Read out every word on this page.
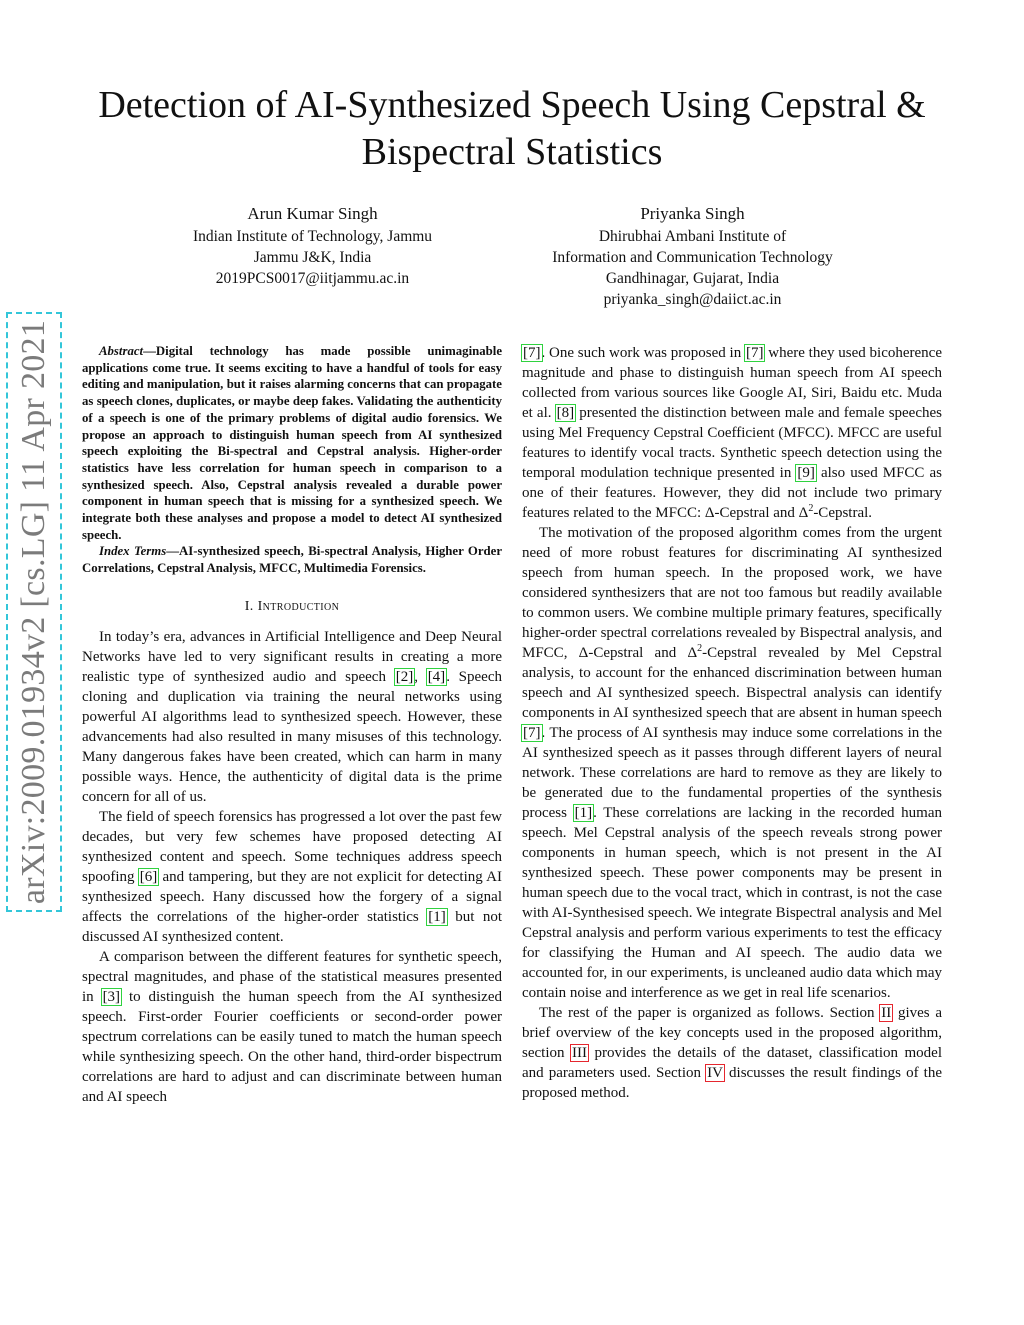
arXiv:2009.01934v2 [cs.LG] 11 Apr 2021
Detection of AI-Synthesized Speech Using Cepstral & Bispectral Statistics
Arun Kumar Singh
Indian Institute of Technology, Jammu
Jammu J&K, India
2019PCS0017@iitjammu.ac.in
Priyanka Singh
Dhirubhai Ambani Institute of
Information and Communication Technology
Gandhinagar, Gujarat, India
priyanka_singh@daiict.ac.in

Abstract—Digital technology has made possible unimaginable applications come true. It seems exciting to have a handful of tools for easy editing and manipulation, but it raises alarming concerns that can propagate as speech clones, duplicates, or maybe deep fakes. Validating the authenticity of a speech is one of the primary problems of digital audio forensics. We propose an approach to distinguish human speech from AI synthesized speech exploiting the Bi-spectral and Cepstral analysis. Higher-order statistics have less correlation for human speech in comparison to a synthesized speech. Also, Cepstral analysis revealed a durable power component in human speech that is missing for a synthesized speech. We integrate both these analyses and propose a model to detect AI synthesized speech.

Index Terms—AI-synthesized speech, Bi-spectral Analysis, Higher Order Correlations, Cepstral Analysis, MFCC, Multimedia Forensics.

I. Introduction

In today’s era, advances in Artificial Intelligence and Deep Neural Networks have led to very significant results in creating a more realistic type of synthesized audio and speech [2], [4]. Speech cloning and duplication via training the neural networks using powerful AI algorithms lead to synthesized speech. However, these advancements had also resulted in many misuses of this technology. Many dangerous fakes have been created, which can harm in many possible ways. Hence, the authenticity of digital data is the prime concern for all of us.

The field of speech forensics has progressed a lot over the past few decades, but very few schemes have proposed detecting AI synthesized content and speech. Some techniques address speech spoofing [6] and tampering, but they are not explicit for detecting AI synthesized speech. Hany discussed how the forgery of a signal affects the correlations of the higher-order statistics [1] but not discussed AI synthesized content.

A comparison between the different features for synthetic speech, spectral magnitudes, and phase of the statistical measures presented in [3] to distinguish the human speech from the AI synthesized speech. First-order Fourier coefficients or second-order power spectrum correlations can be easily tuned to match the human speech while synthesizing speech. On the other hand, third-order bispectrum correlations are hard to adjust and can discriminate between human and AI speech

[7]. One such work was proposed in [7] where they used bicoherence magnitude and phase to distinguish human speech from AI speech collected from various sources like Google AI, Siri, Baidu etc. Muda et al. [8] presented the distinction between male and female speeches using Mel Frequency Cepstral Coefficient (MFCC). MFCC are useful features to identify vocal tracts. Synthetic speech detection using the temporal modulation technique presented in [9] also used MFCC as one of their features. However, they did not include two primary features related to the MFCC: Δ-Cepstral and $\Delta^2$-Cepstral.

The motivation of the proposed algorithm comes from the urgent need of more robust features for discriminating AI synthesized speech from human speech. In the proposed work, we have considered synthesizers that are not too famous but readily available to common users. We combine multiple primary features, specifically higher-order spectral correlations revealed by Bispectral analysis, and MFCC, Δ-Cepstral and $\Delta^2$-Cepstral revealed by Mel Cepstral analysis, to account for the enhanced discrimination between human speech and AI synthesized speech. Bispectral analysis can identify components in AI synthesized speech that are absent in human speech [7]. The process of AI synthesis may induce some correlations in the AI synthesized speech as it passes through different layers of neural network. These correlations are hard to remove as they are likely to be generated due to the fundamental properties of the synthesis process [1]. These correlations are lacking in the recorded human speech. Mel Cepstral analysis of the speech reveals strong power components in human speech, which is not present in the AI synthesized speech. These power components may be present in human speech due to the vocal tract, which in contrast, is not the case with AI-Synthesised speech. We integrate Bispectral analysis and Mel Cepstral analysis and perform various experiments to test the efficacy for classifying the Human and AI speech. The audio data we accounted for, in our experiments, is uncleaned audio data which may contain noise and interference as we get in real life scenarios.

The rest of the paper is organized as follows. Section II gives a brief overview of the key concepts used in the proposed algorithm, section III provides the details of the dataset, classification model and parameters used. Section IV discusses the result findings of the proposed method.
